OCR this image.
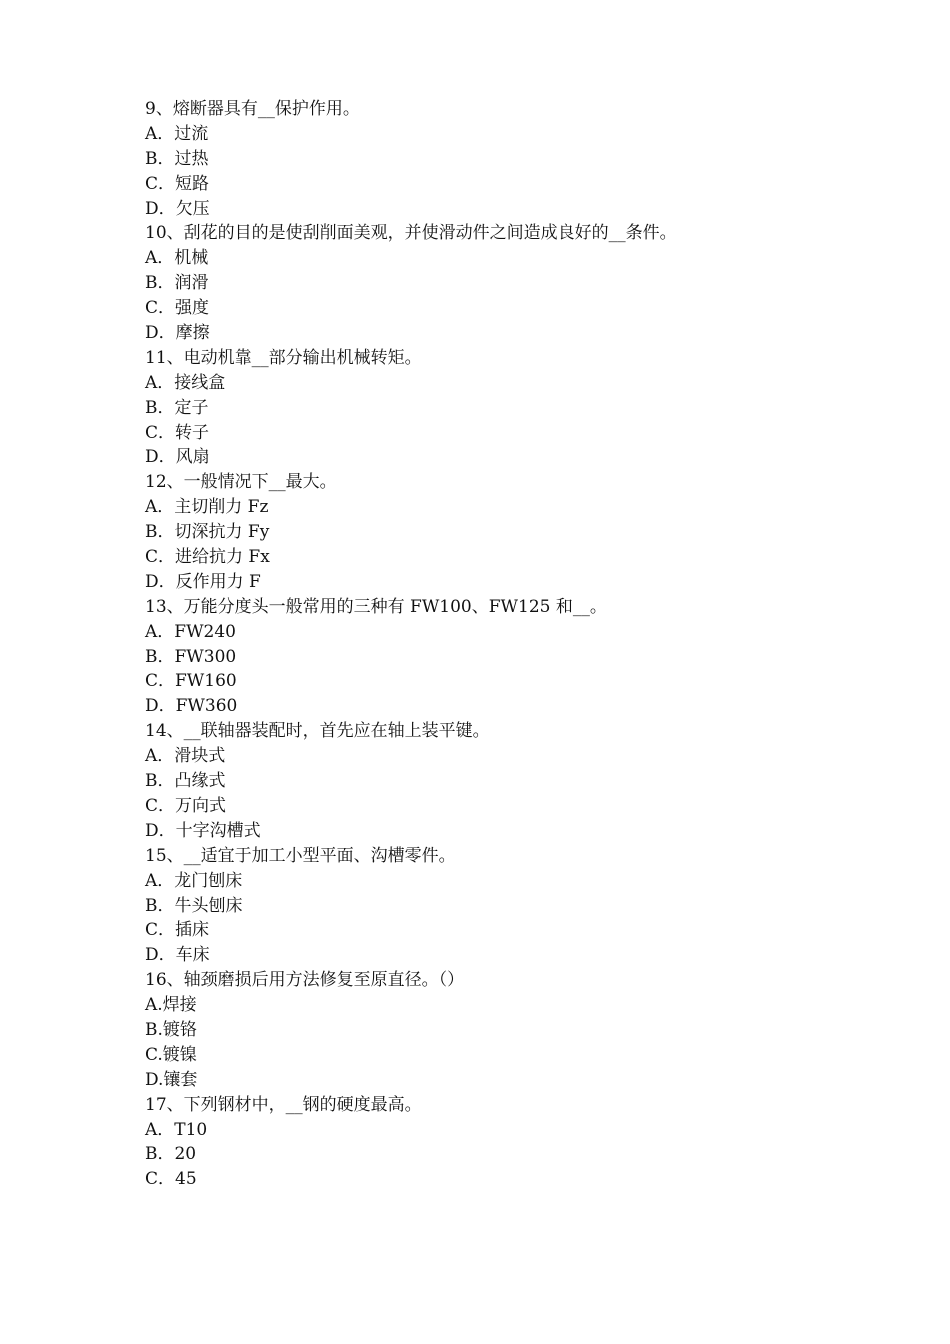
9、熔断器具有__保护作用。
A．过流
B．过热
C．短路
D．欠压
10、刮花的目的是使刮削面美观，并使滑动件之间造成良好的__条件。
A．机械
B．润滑
C．强度
D．摩擦
11、电动机靠__部分输出机械转矩。
A．接线盒
B．定子
C．转子
D．风扇
12、一般情况下__最大。
A．主切削力 Fz
B．切深抗力 Fy
C．进给抗力 Fx
D．反作用力 F
13、万能分度头一般常用的三种有 FW100、FW125 和__。
A．FW240
B．FW300
C．FW160
D．FW360
14、__联轴器装配时，首先应在轴上装平键。
A．滑块式
B．凸缘式
C．万向式
D．十字沟槽式
15、__适宜于加工小型平面、沟槽零件。
A．龙门刨床
B．牛头刨床
C．插床
D．车床
16、轴颈磨损后用方法修复至原直径。（）
A.焊接
B.镀铬
C.镀镍
D.镶套
17、下列钢材中，__钢的硬度最高。
A．T10
B．20
C．45
